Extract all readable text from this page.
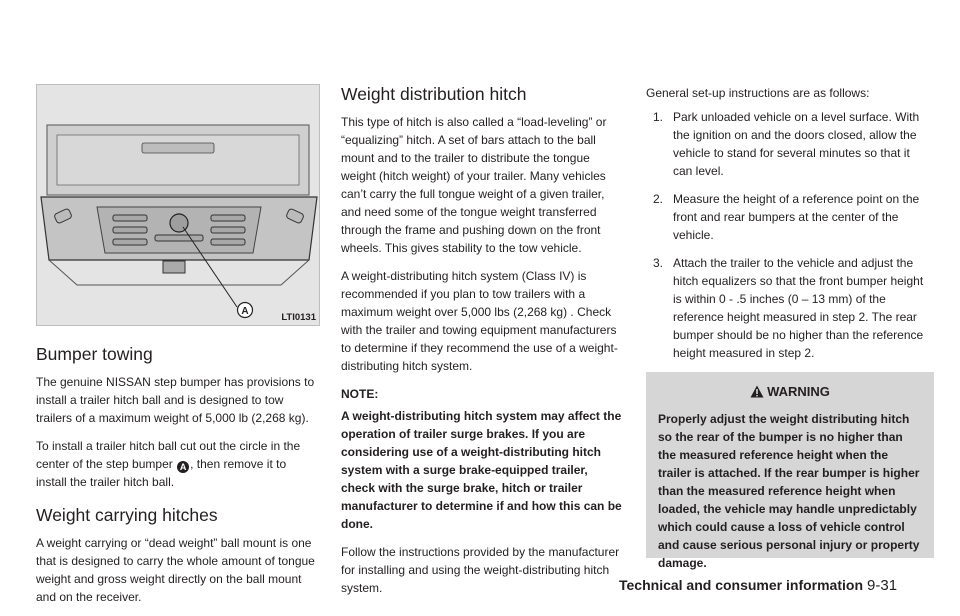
A
LTI0131
Bumper towing

The genuine NISSAN step bumper has provisions to install a trailer hitch ball and is designed to tow trailers of a maximum weight of 5,000 lb (2,268 kg).

To install a trailer hitch ball cut out the circle in the center of the step bumper A , then remove it to install the trailer hitch ball.

Weight carrying hitches

A weight carrying or “dead weight” ball mount is one that is designed to carry the whole amount of tongue weight and gross weight directly on the ball mount and on the receiver.

Weight distribution hitch

This type of hitch is also called a “load-leveling” or “equalizing” hitch. A set of bars attach to the ball mount and to the trailer to distribute the tongue weight (hitch weight) of your trailer. Many vehicles can’t carry the full tongue weight of a given trailer, and need some of the tongue weight transferred through the frame and pushing down on the front wheels. This gives stability to the tow vehicle.

A weight-distributing hitch system (Class IV) is recommended if you plan to tow trailers with a maximum weight over 5,000 lbs (2,268 kg) . Check with the trailer and towing equipment manufacturers to determine if they recommend the use of a weight-distributing hitch system.

NOTE:

A weight-distributing hitch system may affect the operation of trailer surge brakes. If you are considering use of a weight-distributing hitch system with a surge brake-equipped trailer, check with the surge brake, hitch or trailer manufacturer to determine if and how this can be done.

Follow the instructions provided by the manufacturer for installing and using the weight-distributing hitch system.

General set-up instructions are as follows:

1. Park unloaded vehicle on a level surface. With the ignition on and the doors closed, allow the vehicle to stand for several minutes so that it can level.
2. Measure the height of a reference point on the front and rear bumpers at the center of the vehicle.
3. Attach the trailer to the vehicle and adjust the hitch equalizers so that the front bumper height is within 0 - .5 inches (0 – 13 mm) of the reference height measured in step 2. The rear bumper should be no higher than the reference height measured in step 2.
WARNING
Properly adjust the weight distributing hitch so the rear of the bumper is no higher than the measured reference height when the trailer is attached. If the rear bumper is higher than the measured reference height when loaded, the vehicle may handle unpredictably which could cause a loss of vehicle control and cause serious personal injury or property damage.
Technical and consumer information 9-31
